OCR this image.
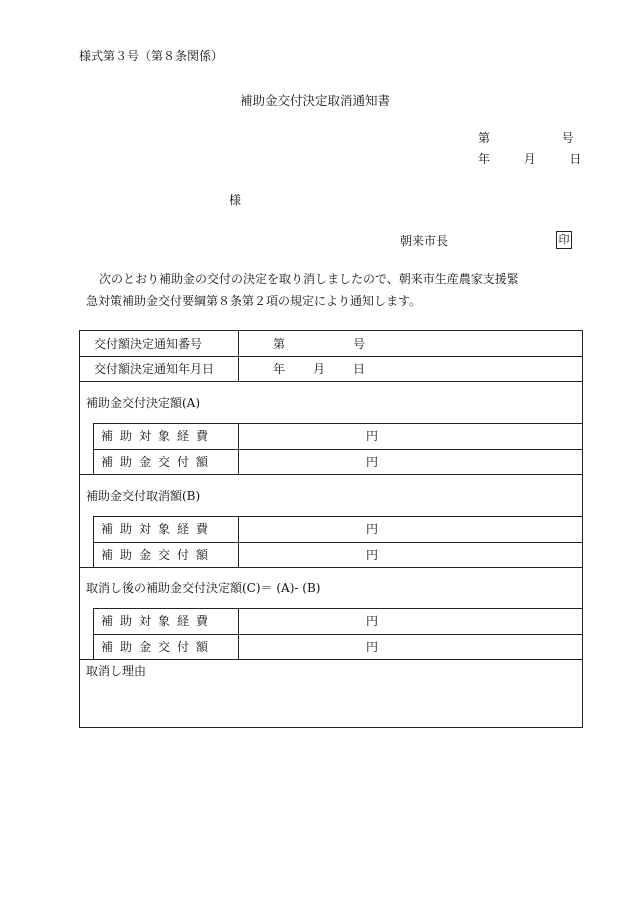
様式第３号（第８条関係）
補助金交付決定取消通知書
第	号
年	月	日
様
朝来市長	印
次のとおり補助金の交付の決定を取り消しましたので、朝来市生産農家支援緊
急対策補助金交付要綱第８条第２項の規定により通知します。
交付額決定通知番号	第	号
交付額決定通知年月日	年 月 日
補助金交付決定額(A)
補助対象経費	円
補助金交付額	円
補助金交付取消額(B)
補助対象経費	円
補助金交付額	円
取消し後の補助金交付決定額(C)＝ (A)- (B)
補助対象経費	円
補助金交付額	円
取消し理由
